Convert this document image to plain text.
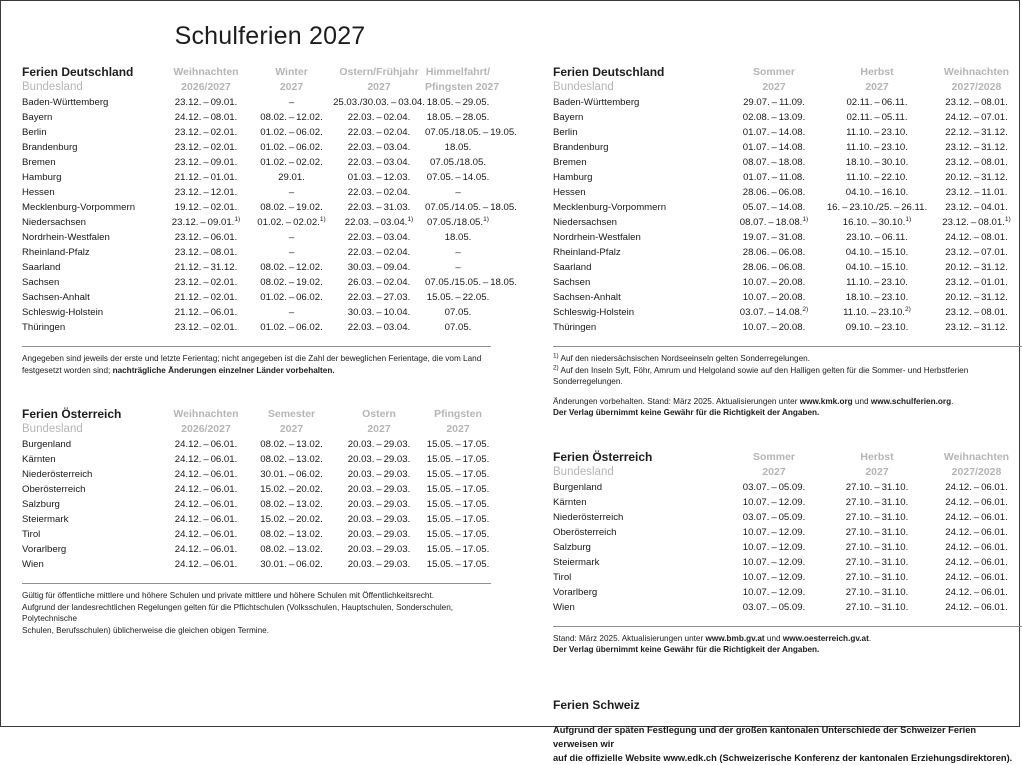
Schulferien 2027
Ferien Deutschland	Weihnachten	Winter	Ostern/Frühjahr	Himmelfahrt/
Bundesland	2026/2027	2027	2027	Pfingsten 2027
Baden-Württemberg	23.12. – 09.01.	–	25.03./30.03. – 03.04.	18.05. – 29.05.
Bayern	24.12. – 08.01.	08.02. – 12.02.	22.03. – 02.04.	18.05. – 28.05.
Berlin	23.12. – 02.01.	01.02. – 06.02.	22.03. – 02.04.	07.05./18.05. – 19.05.
Brandenburg	23.12. – 02.01.	01.02. – 06.02.	22.03. – 03.04.	18.05.
Bremen	23.12. – 09.01.	01.02. – 02.02.	22.03. – 03.04.	07.05./18.05.
Hamburg	21.12. – 01.01.	29.01.	01.03. – 12.03.	07.05. – 14.05.
Hessen	23.12. – 12.01.	–	22.03. – 02.04.	–
Mecklenburg-Vorpommern	19.12. – 02.01.	08.02. – 19.02.	22.03. – 31.03.	07.05./14.05. – 18.05.
Niedersachsen	23.12. – 09.01.$^{1)}$	01.02. – 02.02.$^{1)}$	22.03. – 03.04.$^{1)}$	07.05./18.05.$^{1)}$
Nordrhein-Westfalen	23.12. – 06.01.	–	22.03. – 03.04.	18.05.
Rheinland-Pfalz	23.12. – 08.01.	–	22.03. – 02.04.	–
Saarland	21.12. – 31.12.	08.02. – 12.02.	30.03. – 09.04.	–
Sachsen	23.12. – 02.01.	08.02. – 19.02.	26.03. – 02.04.	07.05./15.05. – 18.05.
Sachsen-Anhalt	21.12. – 02.01.	01.02. – 06.02.	22.03. – 27.03.	15.05. – 22.05.
Schleswig-Holstein	21.12. – 06.01.	–	30.03. – 10.04.	07.05.
Thüringen	23.12. – 02.01.	01.02. – 06.02.	22.03. – 03.04.	07.05.

Angegeben sind jeweils der erste und letzte Ferientag; nicht angegeben ist die Zahl der beweglichen Ferientage, die vom Land festgesetzt worden sind; nachträgliche Änderungen einzelner Länder vorbehalten.

Ferien Österreich	Weihnachten	Semester	Ostern	Pfingsten
Bundesland	2026/2027	2027	2027	2027
Burgenland	24.12. – 06.01.	08.02. – 13.02.	20.03. – 29.03.	15.05. – 17.05.
Kärnten	24.12. – 06.01.	08.02. – 13.02.	20.03. – 29.03.	15.05. – 17.05.
Niederösterreich	24.12. – 06.01.	30.01. – 06.02.	20.03. – 29.03.	15.05. – 17.05.
Oberösterreich	24.12. – 06.01.	15.02. – 20.02.	20.03. – 29.03.	15.05. – 17.05.
Salzburg	24.12. – 06.01.	08.02. – 13.02.	20.03. – 29.03.	15.05. – 17.05.
Steiermark	24.12. – 06.01.	15.02. – 20.02.	20.03. – 29.03.	15.05. – 17.05.
Tirol	24.12. – 06.01.	08.02. – 13.02.	20.03. – 29.03.	15.05. – 17.05.
Vorarlberg	24.12. – 06.01.	08.02. – 13.02.	20.03. – 29.03.	15.05. – 17.05.
Wien	24.12. – 06.01.	30.01. – 06.02.	20.03. – 29.03.	15.05. – 17.05.

Gültig für öffentliche mittlere und höhere Schulen und private mittlere und höhere Schulen mit Öffentlichkeitsrecht.

Aufgrund der landesrechtlichen Regelungen gelten für die Pflichtschulen (Volksschulen, Hauptschulen, Sonderschulen, Polytechnische

Schulen, Berufsschulen) üblicherweise die gleichen obigen Termine.

Ferien Deutschland	Sommer	Herbst	Weihnachten
Bundesland	2027	2027	2027/2028
Baden-Württemberg	29.07. – 11.09.	02.11. – 06.11.	23.12. – 08.01.
Bayern	02.08. – 13.09.	02.11. – 05.11.	24.12. – 07.01.
Berlin	01.07. – 14.08.	11.10. – 23.10.	22.12. – 31.12.
Brandenburg	01.07. – 14.08.	11.10. – 23.10.	23.12. – 31.12.
Bremen	08.07. – 18.08.	18.10. – 30.10.	23.12. – 08.01.
Hamburg	01.07. – 11.08.	11.10. – 22.10.	20.12. – 31.12.
Hessen	28.06. – 06.08.	04.10. – 16.10.	23.12. – 11.01.
Mecklenburg-Vorpommern	05.07. – 14.08.	16. – 23.10./25. – 26.11.	23.12. – 04.01.
Niedersachsen	08.07. – 18.08.$^{1)}$	16.10. – 30.10.$^{1)}$	23.12. – 08.01.$^{1)}$
Nordrhein-Westfalen	19.07. – 31.08.	23.10. – 06.11.	24.12. – 08.01.
Rheinland-Pfalz	28.06. – 06.08.	04.10. – 15.10.	23.12. – 07.01.
Saarland	28.06. – 06.08.	04.10. – 15.10.	20.12. – 31.12.
Sachsen	10.07. – 20.08.	11.10. – 23.10.	23.12. – 01.01.
Sachsen-Anhalt	10.07. – 20.08.	18.10. – 23.10.	20.12. – 31.12.
Schleswig-Holstein	03.07. – 14.08.$^{2)}$	11.10. – 23.10.$^{2)}$	23.12. – 08.01.
Thüringen	10.07. – 20.08.	09.10. – 23.10.	23.12. – 31.12.

$^{1)}$ Auf den niedersächsischen Nordseeinseln gelten Sonderregelungen.

$^{2)}$ Auf den Inseln Sylt, Föhr, Amrum und Helgoland sowie auf den Halligen gelten für die Sommer- und Herbstferien Sonderregelungen.

Änderungen vorbehalten. Stand: März 2025. Aktualisierungen unter www.kmk.org und www.schulferien.org.

Der Verlag übernimmt keine Gewähr für die Richtigkeit der Angaben.

Ferien Österreich	Sommer	Herbst	Weihnachten
Bundesland	2027	2027	2027/2028
Burgenland	03.07. – 05.09.	27.10. – 31.10.	24.12. – 06.01.
Kärnten	10.07. – 12.09.	27.10. – 31.10.	24.12. – 06.01.
Niederösterreich	03.07. – 05.09.	27.10. – 31.10.	24.12. – 06.01.
Oberösterreich	10.07. – 12.09.	27.10. – 31.10.	24.12. – 06.01.
Salzburg	10.07. – 12.09.	27.10. – 31.10.	24.12. – 06.01.
Steiermark	10.07. – 12.09.	27.10. – 31.10.	24.12. – 06.01.
Tirol	10.07. – 12.09.	27.10. – 31.10.	24.12. – 06.01.
Vorarlberg	10.07. – 12.09.	27.10. – 31.10.	24.12. – 06.01.
Wien	03.07. – 05.09.	27.10. – 31.10.	24.12. – 06.01.

Stand: März 2025. Aktualisierungen unter www.bmb.gv.at und www.oesterreich.gv.at.

Der Verlag übernimmt keine Gewähr für die Richtigkeit der Angaben.

Ferien Schweiz

Aufgrund der späten Festlegung und der großen kantonalen Unterschiede der Schweizer Ferien verweisen wir
auf die offizielle Website www.edk.ch (Schweizerische Konferenz der kantonalen Erziehungsdirektoren).
